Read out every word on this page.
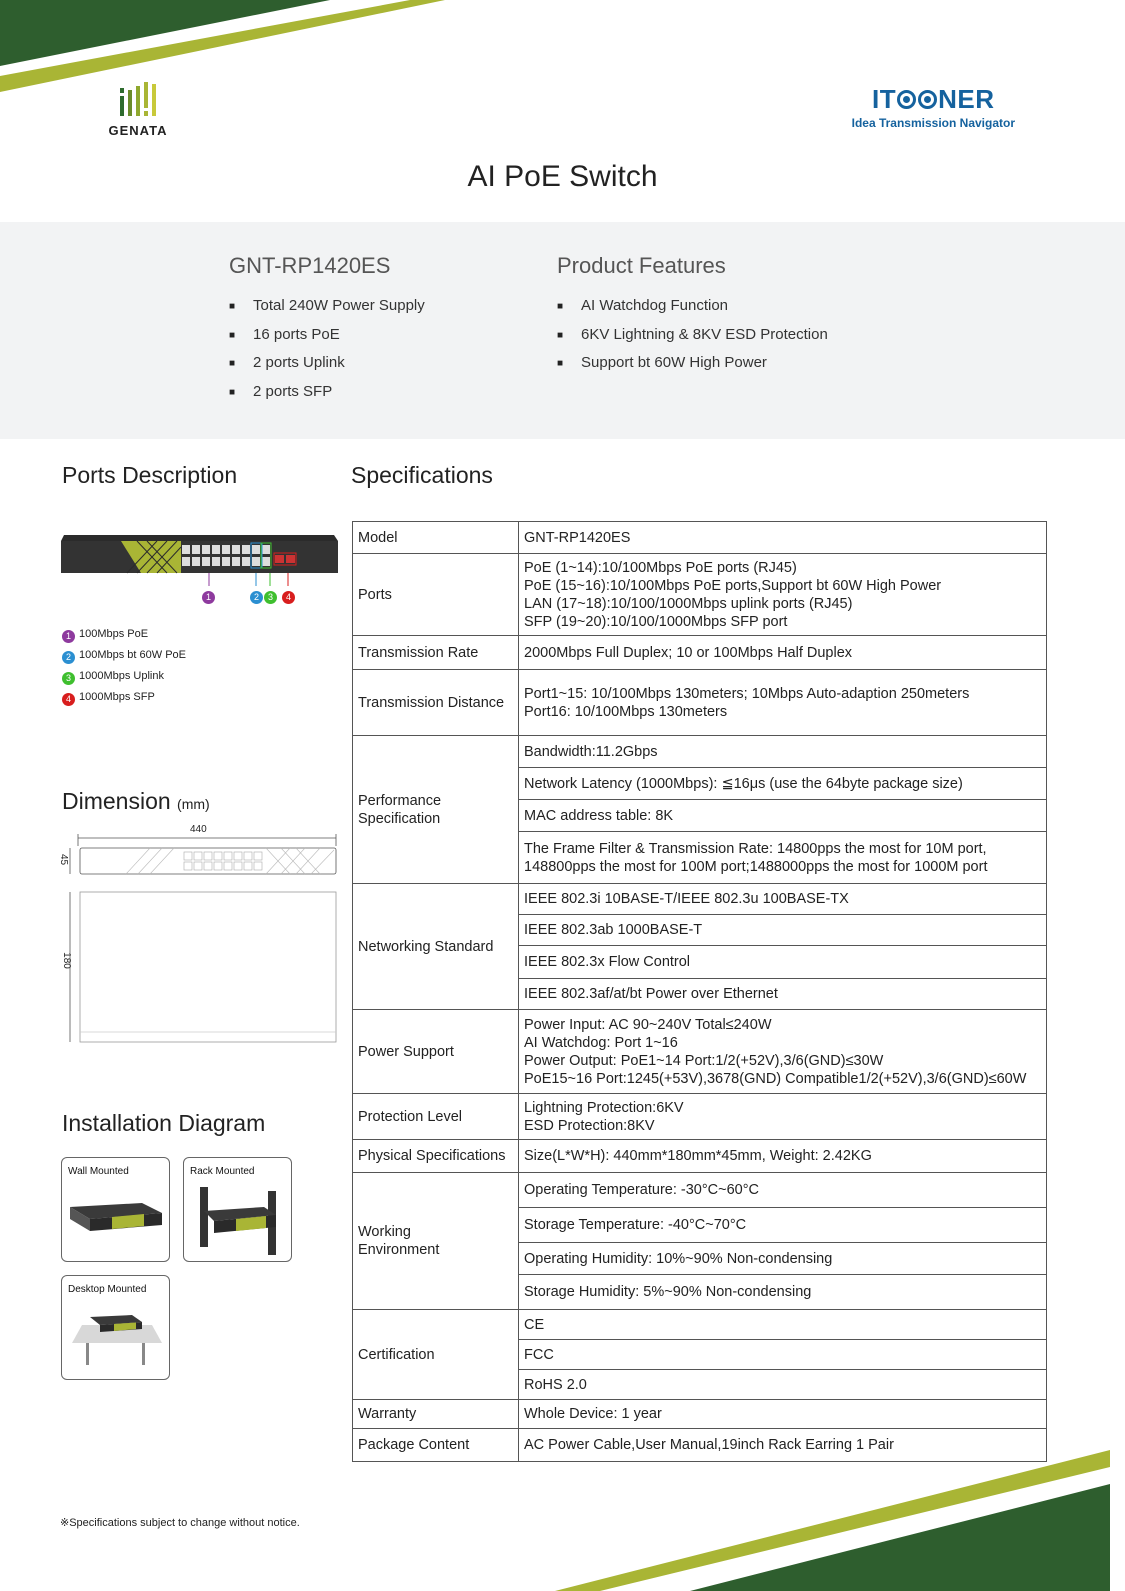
GENATA
IT NER
Idea Transmission Navigator
AI PoE Switch
GNT-RP1420ES
■ Total 240W Power Supply
■ 16 ports PoE
■ 2 ports Uplink
■ 2 ports SFP
Product Features
■ AI Watchdog Function
■ 6KV Lightning & 8KV ESD Protection
■ Support bt 60W High Power
Ports Description
1	2 3	4
1 100Mbps PoE
2 100Mbps bt 60W PoE
3 1000Mbps Uplink
4 1000Mbps SFP
Dimension (mm)
440
45
180
Installation Diagram
Wall Mounted	Rack Mounted
Desktop Mounted
Specifications
Model	GNT-RP1420ES
Ports	PoE (1~14):10/100Mbps PoE ports (RJ45)
PoE (15~16):10/100Mbps PoE ports,Support bt 60W High Power
LAN (17~18):10/100/1000Mbps uplink ports (RJ45)
SFP (19~20):10/100/1000Mbps SFP port
Transmission Rate	2000Mbps Full Duplex; 10 or 100Mbps Half Duplex
Transmission Distance	Port1~15: 10/100Mbps 130meters; 10Mbps Auto-adaption 250meters
Port16: 10/100Mbps 130meters
Performance
Specification	Bandwidth:11.2Gbps
	Network Latency (1000Mbps): ≦16μs (use the 64byte package size)
	MAC address table: 8K
	The Frame Filter & Transmission Rate: 14800pps the most for 10M port,
148800pps the most for 100M port;1488000pps the most for 1000M port
Networking Standard	IEEE 802.3i 10BASE-T/IEEE 802.3u 100BASE-TX
	IEEE 802.3ab 1000BASE-T
	IEEE 802.3x Flow Control
	IEEE 802.3af/at/bt Power over Ethernet
Power Support	Power Input: AC 90~240V Total≤240W
AI Watchdog: Port 1~16
Power Output: PoE1~14 Port:1/2(+52V),3/6(GND)≤30W
PoE15~16 Port:1245(+53V),3678(GND) Compatible1/2(+52V),3/6(GND)≤60W
Protection Level	Lightning Protection:6KV
ESD Protection:8KV
Physical Specifications	Size(L*W*H): 440mm*180mm*45mm, Weight: 2.42KG
Working
Environment	Operating Temperature: -30°C~60°C
	Storage Temperature: -40°C~70°C
	Operating Humidity: 10%~90% Non-condensing
	Storage Humidity: 5%~90% Non-condensing
Certification	CE
	FCC
	RoHS 2.0
Warranty	Whole Device: 1 year
Package Content	AC Power Cable,User Manual,19inch Rack Earring 1 Pair
※Specifications subject to change without notice.
